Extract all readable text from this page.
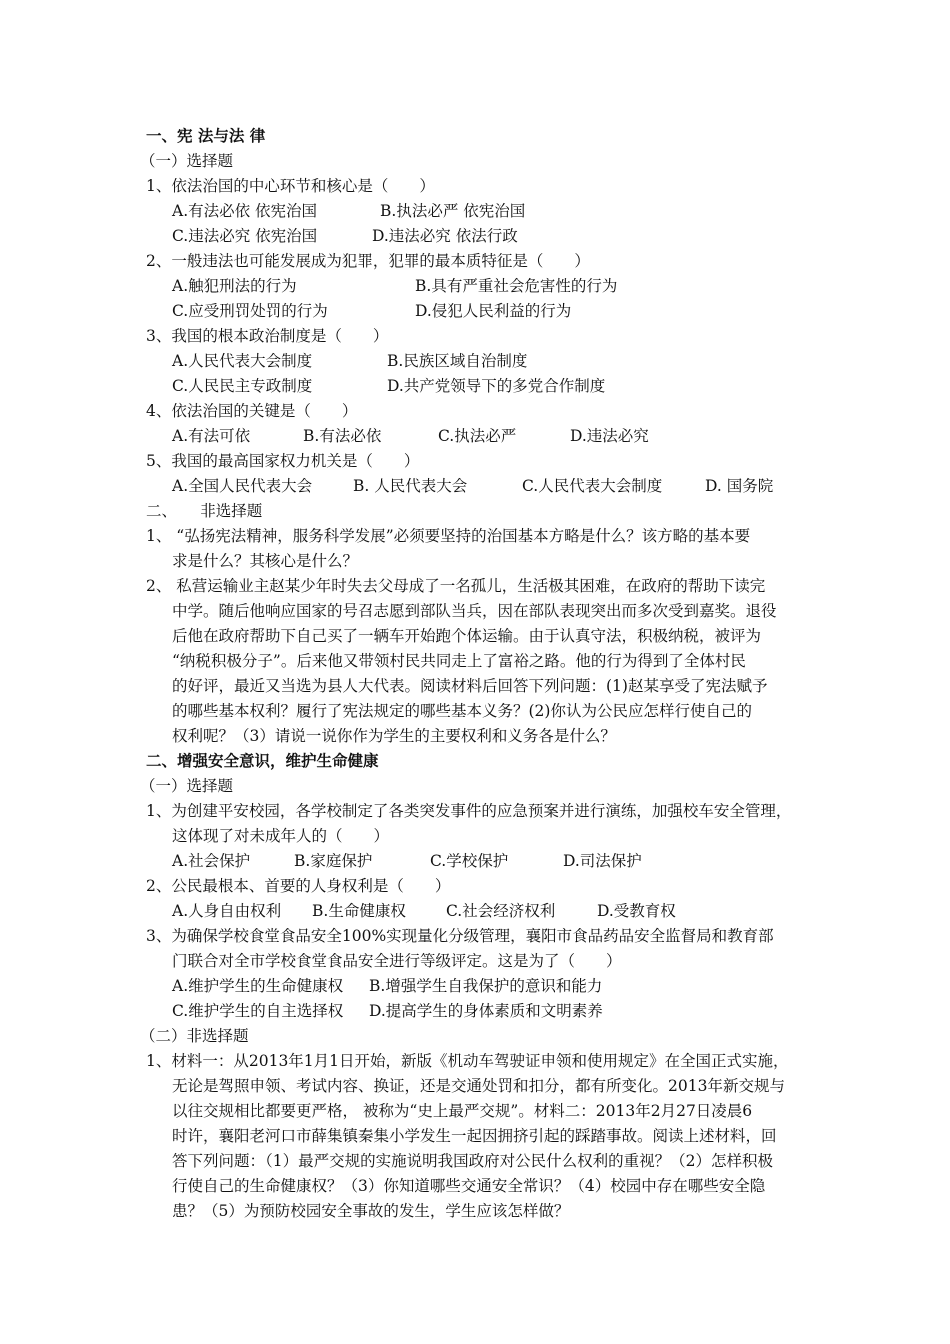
一、宪 法与法 律
（一）选择题
1、依法治国的中心环节和核心是（　　）
A.有法必依 依宪治国	B.执法必严 依宪治国
C.违法必究 依宪治国	D.违法必究 依法行政
2、一般违法也可能发展成为犯罪，犯罪的最本质特征是（　　）
A.触犯刑法的行为	B.具有严重社会危害性的行为
C.应受刑罚处罚的行为	D.侵犯人民利益的行为
3、我国的根本政治制度是（　　）
A.人民代表大会制度	B.民族区域自治制度
C.人民民主专政制度	D.共产党领导下的多党合作制度
4、依法治国的关键是（　　）
A.有法可依	B.有法必依	C.执法必严	D.违法必究
5、我国的最高国家权力机关是（　　）
A.全国人民代表大会	B. 人民代表大会	C.人民代表大会制度	D. 国务院
二、　　非选择题
1、 “弘扬宪法精神，服务科学发展”必须要坚持的治国基本方略是什么？该方略的基本要
求是什么？其核心是什么？
2、 私营运输业主赵某少年时失去父母成了一名孤儿，生活极其困难，在政府的帮助下读完
中学。随后他响应国家的号召志愿到部队当兵，因在部队表现突出而多次受到嘉奖。退役
后他在政府帮助下自己买了一辆车开始跑个体运输。由于认真守法，积极纳税，被评为
“纳税积极分子”。后来他又带领村民共同走上了富裕之路。他的行为得到了全体村民
的好评，最近又当选为县人大代表。阅读材料后回答下列问题：(1)赵某享受了宪法赋予
的哪些基本权利？履行了宪法规定的哪些基本义务？(2)你认为公民应怎样行使自己的
权利呢？（3）请说一说你作为学生的主要权利和义务各是什么？
二、增强安全意识，维护生命健康
（一）选择题
1、为创建平安校园，各学校制定了各类突发事件的应急预案并进行演练，加强校车安全管理，
这体现了对未成年人的（　　）
A.社会保护	B.家庭保护	C.学校保护	D.司法保护
2、公民最根本、首要的人身权利是（　　）
A.人身自由权利 B.生命健康权	C.社会经济权利	D.受教育权
3、为确保学校食堂食品安全100%实现量化分级管理，襄阳市食品药品安全监督局和教育部
门联合对全市学校食堂食品安全进行等级评定。这是为了（　　）
A.维护学生的生命健康权 B.增强学生自我保护的意识和能力
C.维护学生的自主选择权 D.提高学生的身体素质和文明素养
（二）非选择题
1、材料一：从2013年1月1日开始，新版《机动车驾驶证申领和使用规定》在全国正式实施，
无论是驾照申领、考试内容、换证，还是交通处罚和扣分，都有所变化。2013年新交规与
以往交规相比都要更严格， 被称为“史上最严交规”。材料二：2013年2月27日凌晨6
时许，襄阳老河口市薛集镇秦集小学发生一起因拥挤引起的踩踏事故。阅读上述材料，回
答下列问题：（1）最严交规的实施说明我国政府对公民什么权利的重视？（2）怎样积极
行使自己的生命健康权？（3）你知道哪些交通安全常识？（4）校园中存在哪些安全隐
患？（5）为预防校园安全事故的发生，学生应该怎样做？
